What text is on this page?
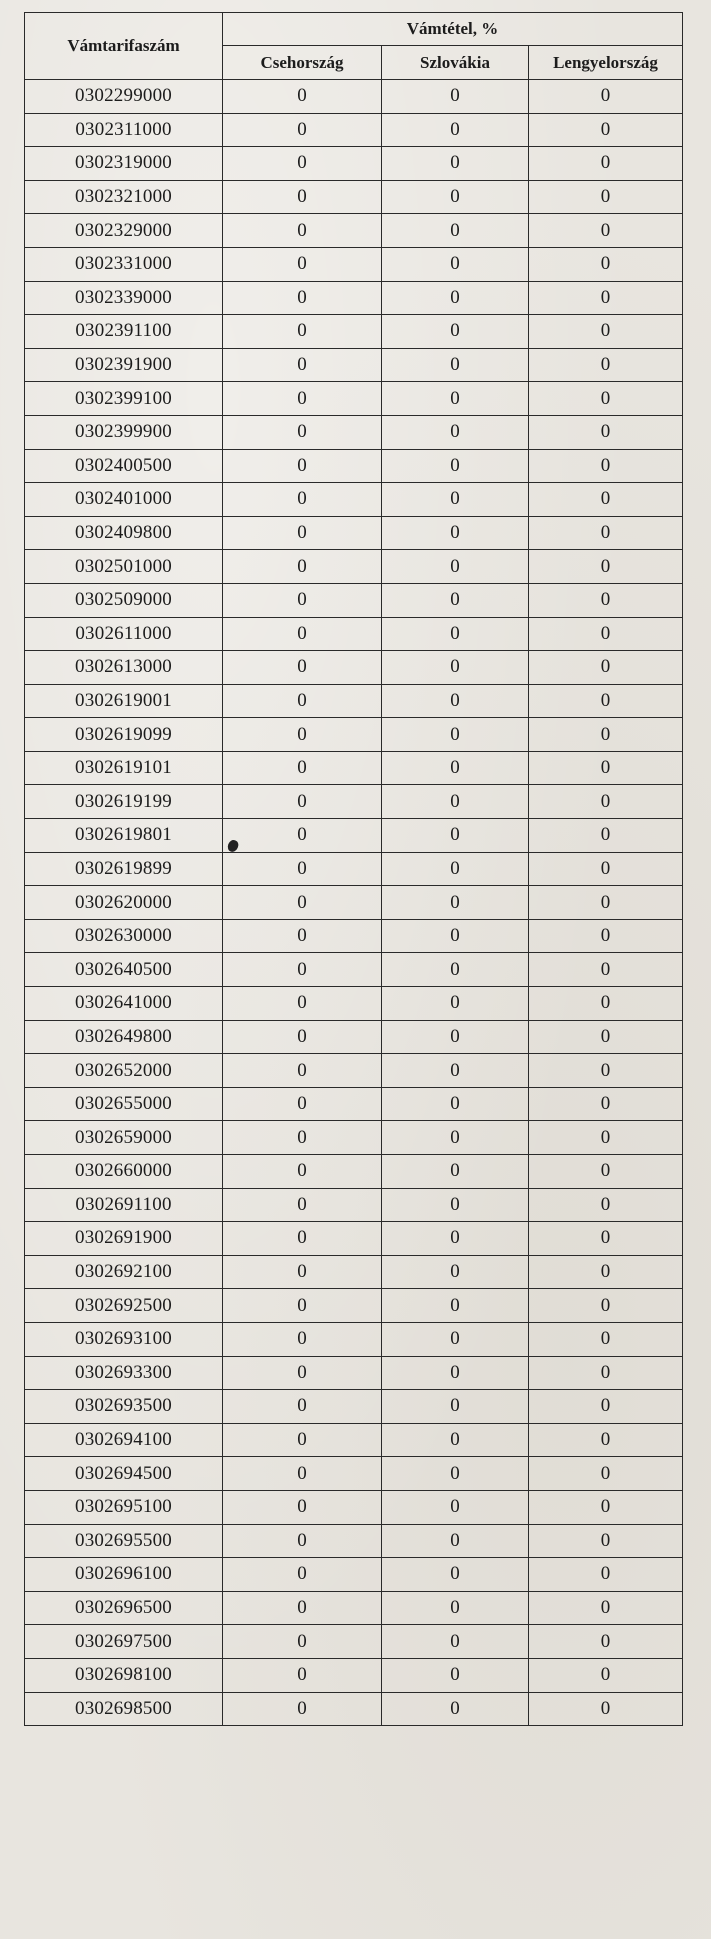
Vámtarifaszám	Vámtétel, %		
	Csehország	Szlovákia	Lengyelország
0302299000	0	0	0
0302311000	0	0	0
0302319000	0	0	0
0302321000	0	0	0
0302329000	0	0	0
0302331000	0	0	0
0302339000	0	0	0
0302391100	0	0	0
0302391900	0	0	0
0302399100	0	0	0
0302399900	0	0	0
0302400500	0	0	0
0302401000	0	0	0
0302409800	0	0	0
0302501000	0	0	0
0302509000	0	0	0
0302611000	0	0	0
0302613000	0	0	0
0302619001	0	0	0
0302619099	0	0	0
0302619101	0	0	0
0302619199	0	0	0
0302619801	0	0	0
0302619899	0	0	0
0302620000	0	0	0
0302630000	0	0	0
0302640500	0	0	0
0302641000	0	0	0
0302649800	0	0	0
0302652000	0	0	0
0302655000	0	0	0
0302659000	0	0	0
0302660000	0	0	0
0302691100	0	0	0
0302691900	0	0	0
0302692100	0	0	0
0302692500	0	0	0
0302693100	0	0	0
0302693300	0	0	0
0302693500	0	0	0
0302694100	0	0	0
0302694500	0	0	0
0302695100	0	0	0
0302695500	0	0	0
0302696100	0	0	0
0302696500	0	0	0
0302697500	0	0	0
0302698100	0	0	0
0302698500	0	0	0
